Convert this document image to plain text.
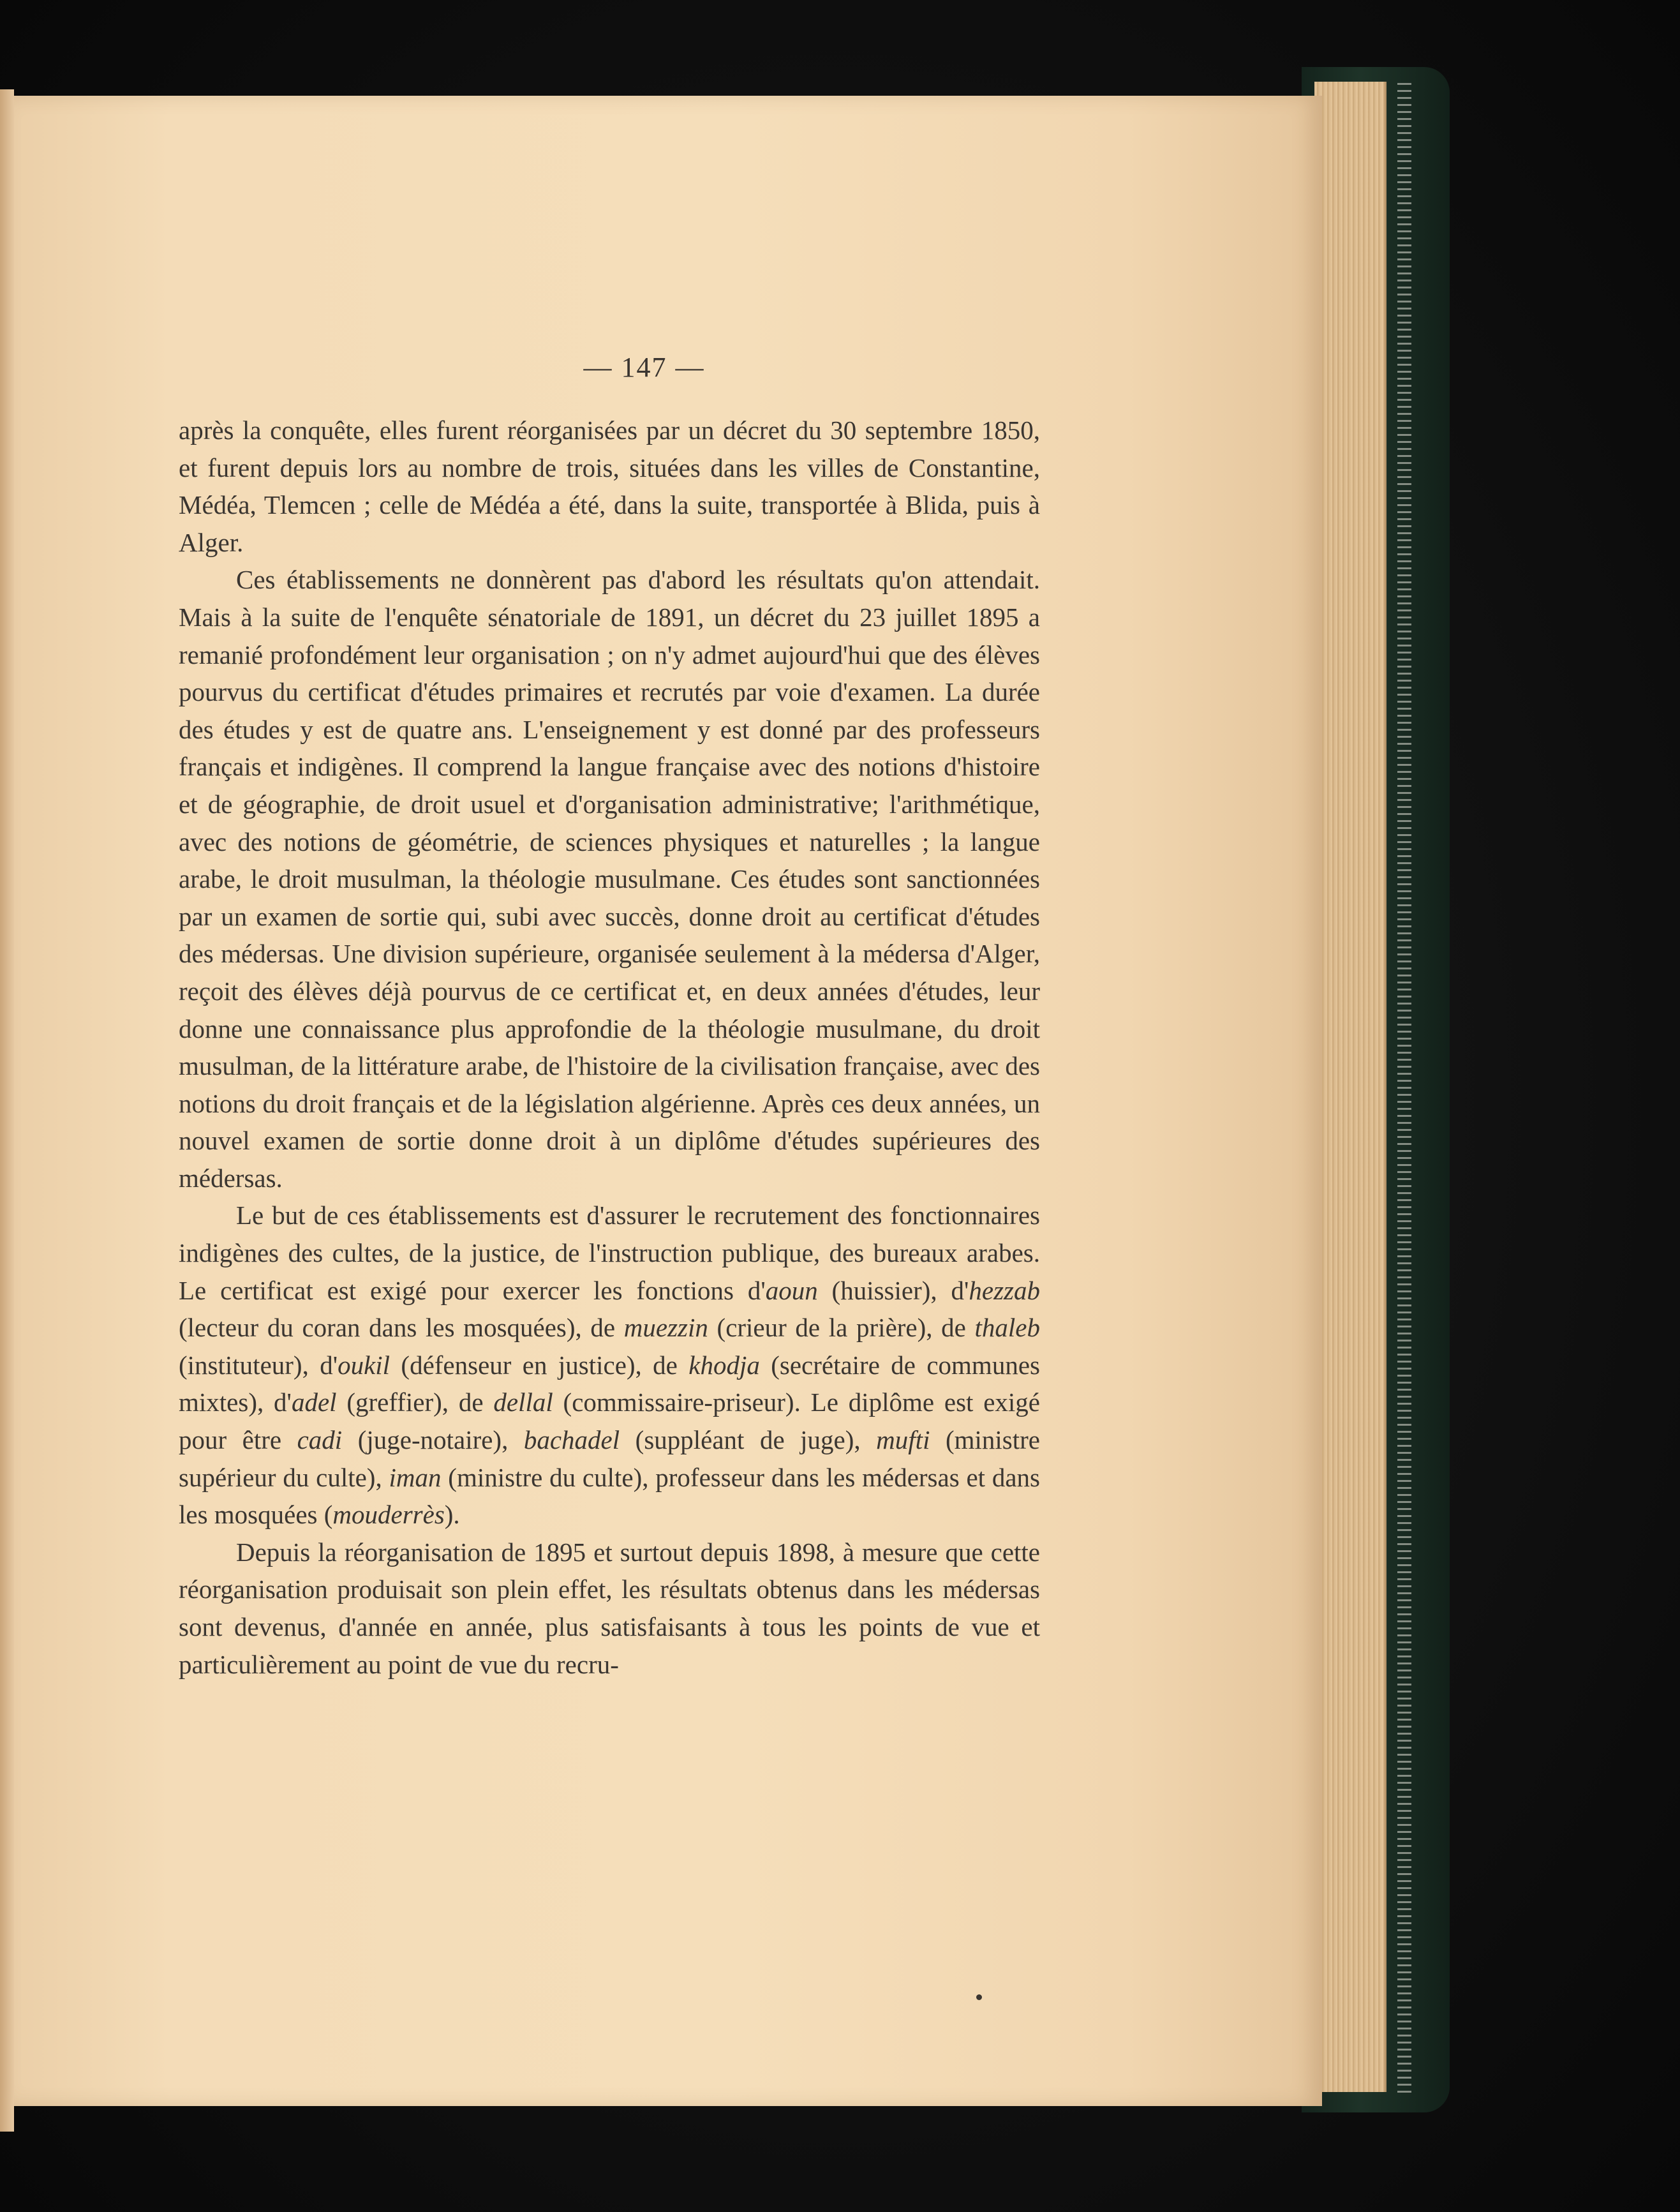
— 147 —

après la conquête, elles furent réorganisées par un décret du 30 septembre 1850, et furent depuis lors au nombre de trois, situées dans les villes de Constantine, Médéa, Tlemcen ; celle de Médéa a été, dans la suite, transportée à Blida, puis à Alger.

Ces établissements ne donnèrent pas d'abord les résultats qu'on attendait. Mais à la suite de l'enquête sénatoriale de 1891, un décret du 23 juillet 1895 a remanié profondément leur organisation ; on n'y admet aujourd'hui que des élèves pourvus du certificat d'études primaires et recrutés par voie d'examen. La durée des études y est de quatre ans. L'enseignement y est donné par des professeurs français et indigènes. Il comprend la langue française avec des notions d'histoire et de géographie, de droit usuel et d'organisation administrative; l'arithmétique, avec des notions de géométrie, de sciences physiques et naturelles ; la langue arabe, le droit musulman, la théologie musulmane. Ces études sont sanctionnées par un examen de sortie qui, subi avec succès, donne droit au certificat d'études des médersas. Une division supérieure, organisée seulement à la médersa d'Alger, reçoit des élèves déjà pourvus de ce certificat et, en deux années d'études, leur donne une connaissance plus approfondie de la théologie musulmane, du droit musulman, de la littérature arabe, de l'histoire de la civilisation française, avec des notions du droit français et de la législation algérienne. Après ces deux années, un nouvel examen de sortie donne droit à un diplôme d'études supérieures des médersas.

Le but de ces établissements est d'assurer le recrutement des fonctionnaires indigènes des cultes, de la justice, de l'instruction publique, des bureaux arabes. Le certificat est exigé pour exercer les fonctions d'aoun (huissier), d'hezzab (lecteur du coran dans les mosquées), de muezzin (crieur de la prière), de thaleb (instituteur), d'oukil (défenseur en justice), de khodja (secrétaire de communes mixtes), d'adel (greffier), de dellal (commissaire-priseur). Le diplôme est exigé pour être cadi (juge-notaire), bachadel (suppléant de juge), mufti (ministre supérieur du culte), iman (ministre du culte), professeur dans les médersas et dans les mosquées (mouderrès).

Depuis la réorganisation de 1895 et surtout depuis 1898, à mesure que cette réorganisation produisait son plein effet, les résultats obtenus dans les médersas sont devenus, d'année en année, plus satisfaisants à tous les points de vue et particulièrement au point de vue du recru-
